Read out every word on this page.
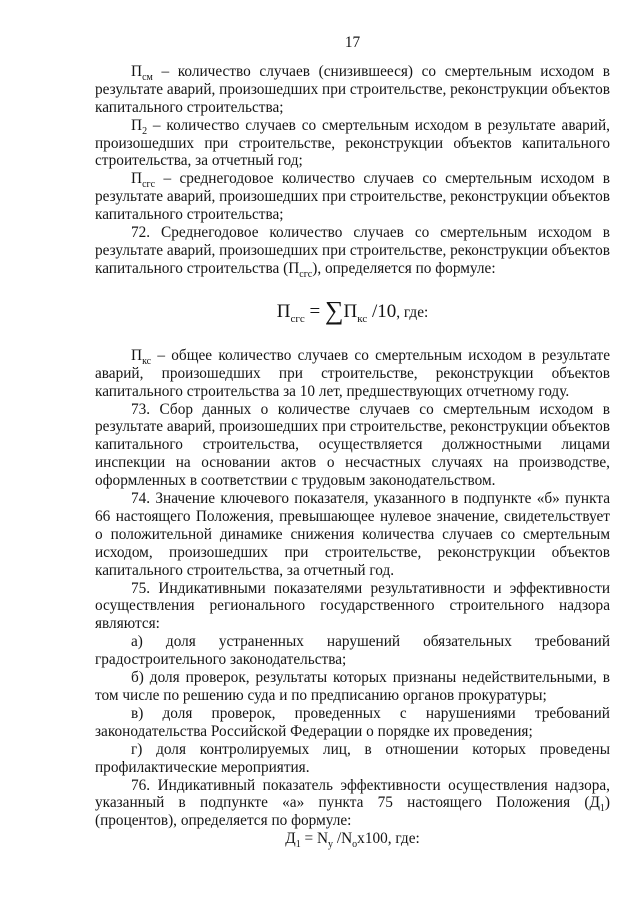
17

$П_{см}$ – количество случаев (снизившееся) со смертельным исходом в результате аварий, произошедших при строительстве, реконструкции объектов капитального строительства;

$П_2$ – количество случаев со смертельным исходом в результате аварий, произошедших при строительстве, реконструкции объектов капитального строительства, за отчетный год;

$П_{сгс}$ – среднегодовое количество случаев со смертельным исходом в результате аварий, произошедших при строительстве, реконструкции объектов капитального строительства;

72. Среднегодовое количество случаев со смертельным исходом в результате аварий, произошедших при строительстве, реконструкции объектов капитального строительства $(П_{сгс})$, определяется по формуле:

$П_{сгс} = \sum П_{кс}$ /10, где:

$П_{кс}$ – общее количество случаев со смертельным исходом в результате аварий, произошедших при строительстве, реконструкции объектов капитального строительства за 10 лет, предшествующих отчетному году.

73. Сбор данных о количестве случаев со смертельным исходом в результате аварий, произошедших при строительстве, реконструкции объектов капитального строительства, осуществляется должностными лицами инспекции на основании актов о несчастных случаях на производстве, оформленных в соответствии с трудовым законодательством.

74. Значение ключевого показателя, указанного в подпункте «б» пункта 66 настоящего Положения, превышающее нулевое значение, свидетельствует о положительной динамике снижения количества случаев со смертельным исходом, произошедших при строительстве, реконструкции объектов капитального строительства, за отчетный год.

75. Индикативными показателями результативности и эффективности осуществления регионального государственного строительного надзора являются:

а) доля устраненных нарушений обязательных требований градостроительного законодательства;

б) доля проверок, результаты которых признаны недействительными, в том числе по решению суда и по предписанию органов прокуратуры;

в) доля проверок, проведенных с нарушениями требований законодательства Российской Федерации о порядке их проведения;

г) доля контролируемых лиц, в отношении которых проведены профилактические мероприятия.

76. Индикативный показатель эффективности осуществления надзора, указанный в подпункте «а» пункта 75 настоящего Положения $(Д_1)$ (процентов), определяется по формуле:

$Д_1 = N_у$ $/N_ох100$, где:
